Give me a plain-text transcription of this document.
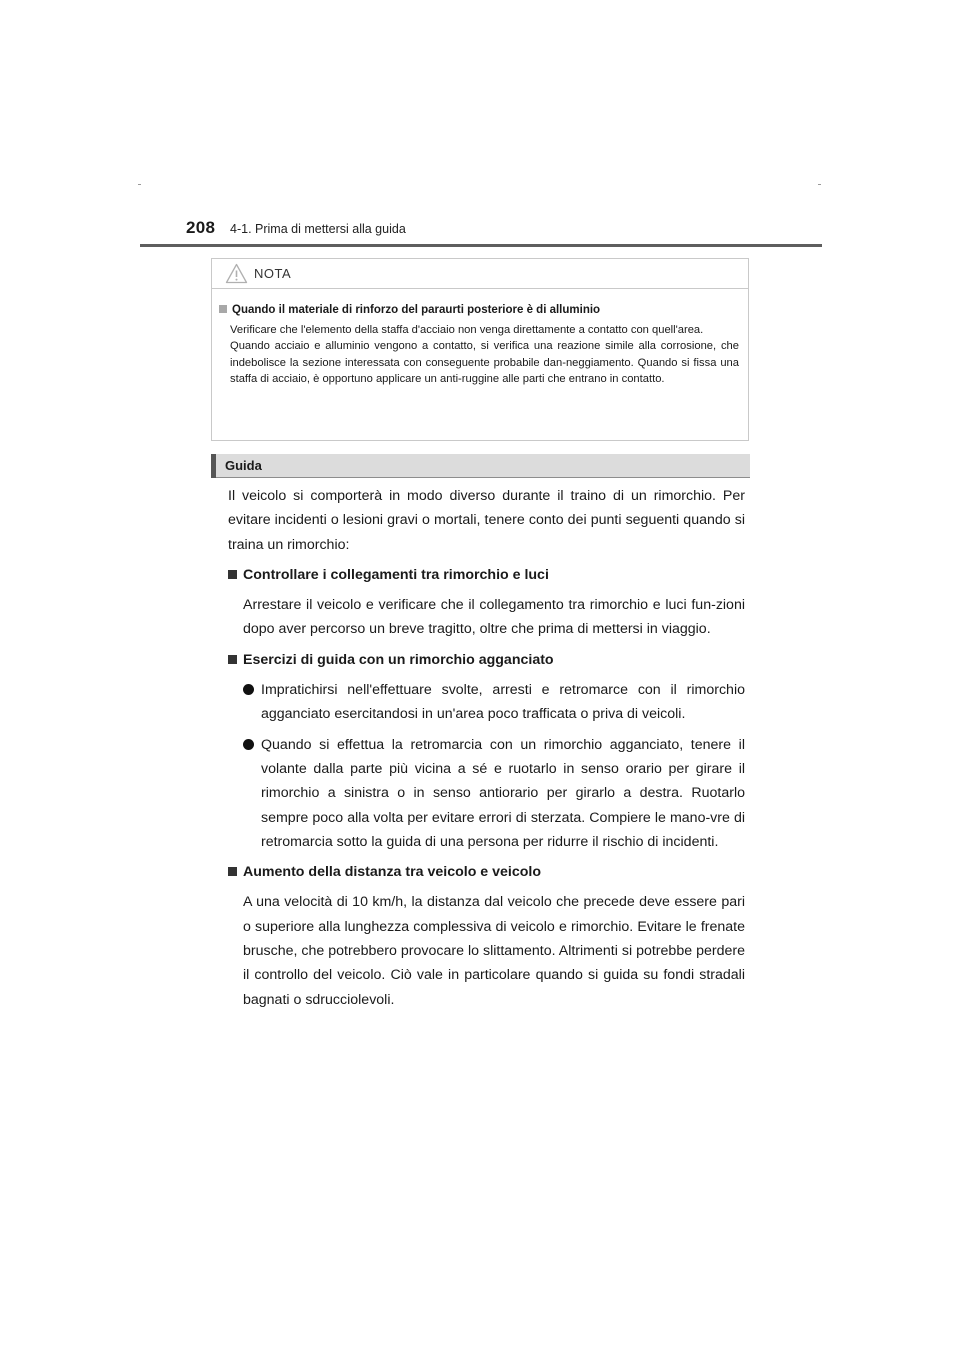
208 4-1. Prima di mettersi alla guida
NOTA
Quando il materiale di rinforzo del paraurti posteriore è di alluminio
Verificare che l'elemento della staffa d'acciaio non venga direttamente a contatto con quell'area.
Quando acciaio e alluminio vengono a contatto, si verifica una reazione simile alla corrosione, che indebolisce la sezione interessata con conseguente probabile dan-neggiamento. Quando si fissa una staffa di acciaio, è opportuno applicare un anti-ruggine alle parti che entrano in contatto.
Guida

Il veicolo si comporterà in modo diverso durante il traino di un rimorchio. Per evitare incidenti o lesioni gravi o mortali, tenere conto dei punti seguenti quando si traina un rimorchio:

Controllare i collegamenti tra rimorchio e luci
Arrestare il veicolo e verificare che il collegamento tra rimorchio e luci fun-zioni dopo aver percorso un breve tragitto, oltre che prima di mettersi in viaggio.
Esercizi di guida con un rimorchio agganciato
Impratichirsi nell'effettuare svolte, arresti e retromarce con il rimorchio agganciato esercitandosi in un'area poco trafficata o priva di veicoli.
Quando si effettua la retromarcia con un rimorchio agganciato, tenere il volante dalla parte più vicina a sé e ruotarlo in senso orario per girare il rimorchio a sinistra o in senso antiorario per girarlo a destra. Ruotarlo sempre poco alla volta per evitare errori di sterzata. Compiere le mano-vre di retromarcia sotto la guida di una persona per ridurre il rischio di incidenti.
Aumento della distanza tra veicolo e veicolo
A una velocità di 10 km/h, la distanza dal veicolo che precede deve essere pari o superiore alla lunghezza complessiva di veicolo e rimorchio. Evitare le frenate brusche, che potrebbero provocare lo slittamento. Altrimenti si potrebbe perdere il controllo del veicolo. Ciò vale in particolare quando si guida su fondi stradali bagnati o sdrucciolevoli.
